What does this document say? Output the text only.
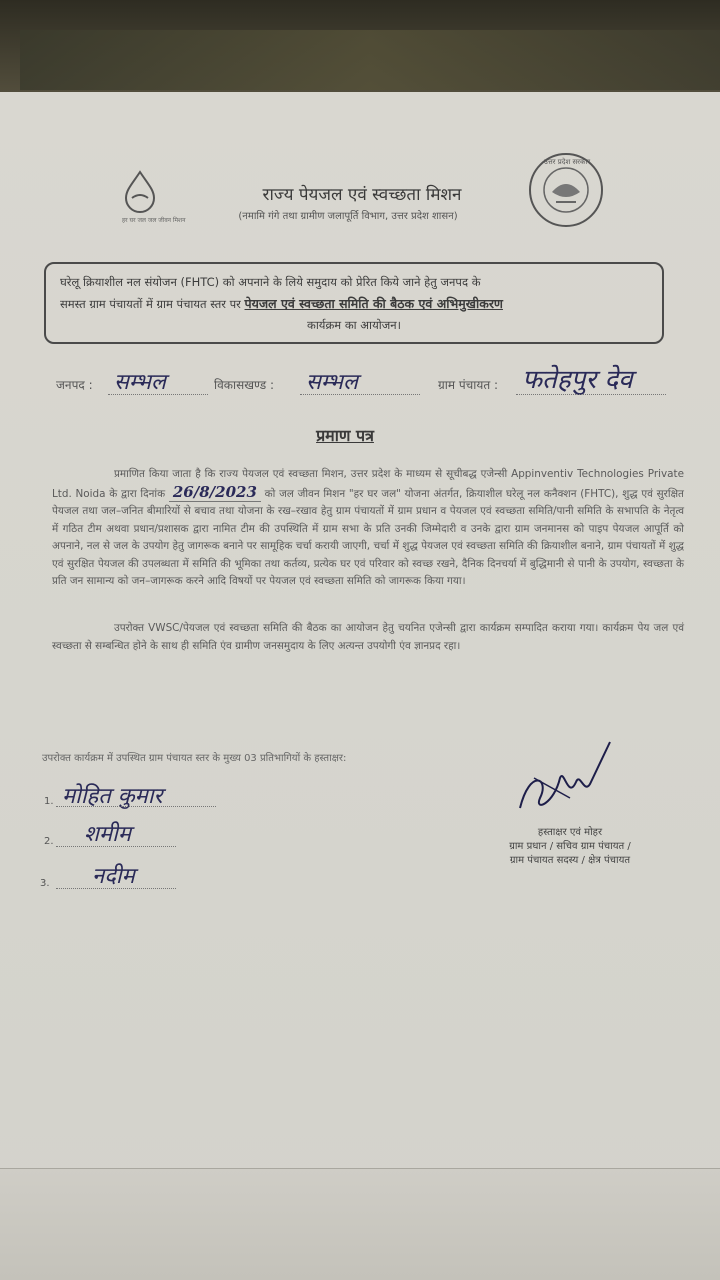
हर घर जल जल जीवन मिशन
उत्तर प्रदेश सरकार
राज्य पेयजल एवं स्वच्छता मिशन
(नमामि गंगे तथा ग्रामीण जलापूर्ति विभाग, उत्तर प्रदेश शासन)
घरेलू क्रियाशील नल संयोजन (FHTC) को अपनाने के लिये समुदाय को प्रेरित किये जाने हेतु जनपद के
समस्त ग्राम पंचायतों में ग्राम पंचायत स्तर पर पेयजल एवं स्वच्छता समिति की बैठक एवं अभिमुखीकरण
कार्यक्रम का आयोजन।
जनपद : सम्भल	विकासखण्ड : सम्भल	ग्राम पंचायत : फतेहपुर देव
प्रमाण पत्र
प्रमाणित किया जाता है कि राज्य पेयजल एवं स्वच्छता मिशन, उत्तर प्रदेश के माध्यम से सूचीबद्ध एजेन्सी Appinventiv Technologies Private Ltd. Noida के द्वारा दिनांक 26/8/2023 को जल जीवन मिशन "हर घर जल" योजना अंतर्गत, क्रियाशील घरेलू नल कनैक्शन (FHTC), शुद्ध एवं सुरक्षित पेयजल तथा जल–जनित बीमारियों से बचाव तथा योजना के रख–रखाव हेतु ग्राम पंचायतों में ग्राम प्रधान व पेयजल एवं स्वच्छता समिति/पानी समिति के सभापति के नेतृत्व में गठित टीम अथवा प्रधान/प्रशासक द्वारा नामित टीम की उपस्थिति में ग्राम सभा के प्रति उनकी जिम्मेदारी व उनके द्वारा ग्राम जनमानस को पाइप पेयजल आपूर्ति को अपनाने, नल से जल के उपयोग हेतु जागरूक बनाने पर सामूहिक चर्चा करायी जाएगी, चर्चा में शुद्ध पेयजल एवं स्वच्छता समिति की क्रियाशील बनाने, ग्राम पंचायतों में शुद्ध एवं सुरक्षित पेयजल की उपलब्धता में समिति की भूमिका तथा कर्तव्य, प्रत्येक घर एवं परिवार को स्वच्छ रखने, दैनिक दिनचर्या में बुद्धिमानी से पानी के उपयोग, स्वच्छता के प्रति जन सामान्य को जन–जागरूक करने आदि विषयों पर पेयजल एवं स्वच्छता समिति को जागरूक किया गया।
उपरोक्त VWSC/पेयजल एवं स्वच्छता समिति की बैठक का आयोजन हेतु चयनित एजेन्सी द्वारा कार्यक्रम सम्पादित कराया गया। कार्यक्रम पेय जल एवं स्वच्छता से सम्बन्धित होने के साथ ही समिति एंव ग्रामीण जनसमुदाय के लिए अत्यन्त उपयोगी एंव ज्ञानप्रद रहा।
उपरोक्त कार्यक्रम में उपस्थित ग्राम पंचायत स्तर के मुख्य 03 प्रतिभागियों के हस्ताक्षर:
1. मोहित कुमार
2. शमीम
3. नदीम
हस्ताक्षर एवं मोहर
ग्राम प्रधान / सचिव ग्राम पंचायत /
ग्राम पंचायत सदस्य / क्षेत्र पंचायत
